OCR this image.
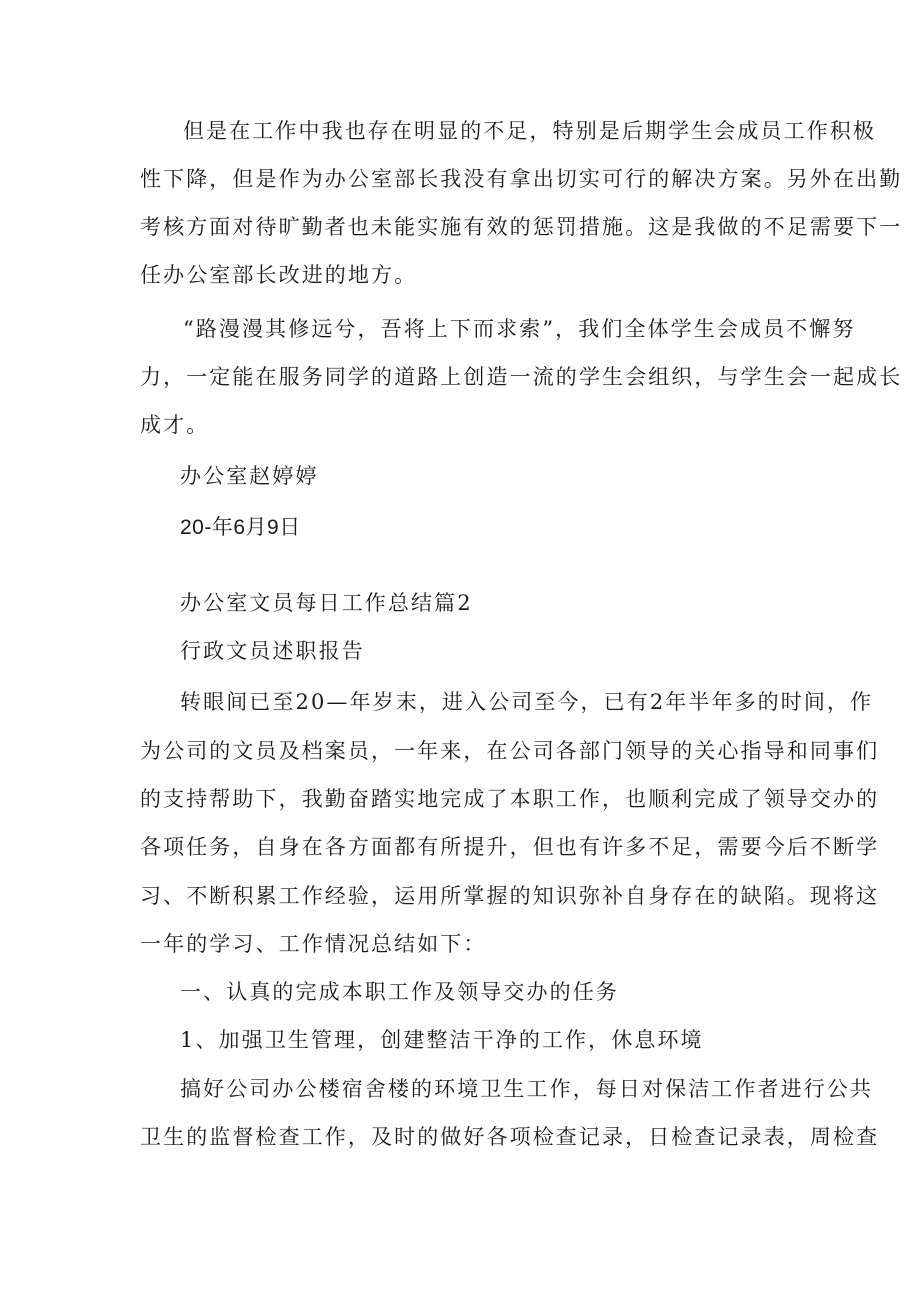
但是在工作中我也存在明显的不足，特别是后期学生会成员工作积极

性下降，但是作为办公室部长我没有拿出切实可行的解决方案。另外在出勤

考核方面对待旷勤者也未能实施有效的惩罚措施。这是我做的不足需要下一

任办公室部长改进的地方。

“路漫漫其修远兮，吾将上下而求索”，我们全体学生会成员不懈努

力，一定能在服务同学的道路上创造一流的学生会组织，与学生会一起成长

成才。

办公室赵婷婷

20-年6月9日

办公室文员每日工作总结篇2

行政文员述职报告

转眼间已至20—年岁末，进入公司至今，已有2年半年多的时间，作

为公司的文员及档案员，一年来，在公司各部门领导的关心指导和同事们

的支持帮助下，我勤奋踏实地完成了本职工作，也顺利完成了领导交办的

各项任务，自身在各方面都有所提升，但也有许多不足，需要今后不断学

习、不断积累工作经验，运用所掌握的知识弥补自身存在的缺陷。现将这

一年的学习、工作情况总结如下：

一、认真的完成本职工作及领导交办的任务

1、加强卫生管理，创建整洁干净的工作，休息环境

搞好公司办公楼宿舍楼的环境卫生工作，每日对保洁工作者进行公共

卫生的监督检查工作，及时的做好各项检查记录，日检查记录表，周检查
